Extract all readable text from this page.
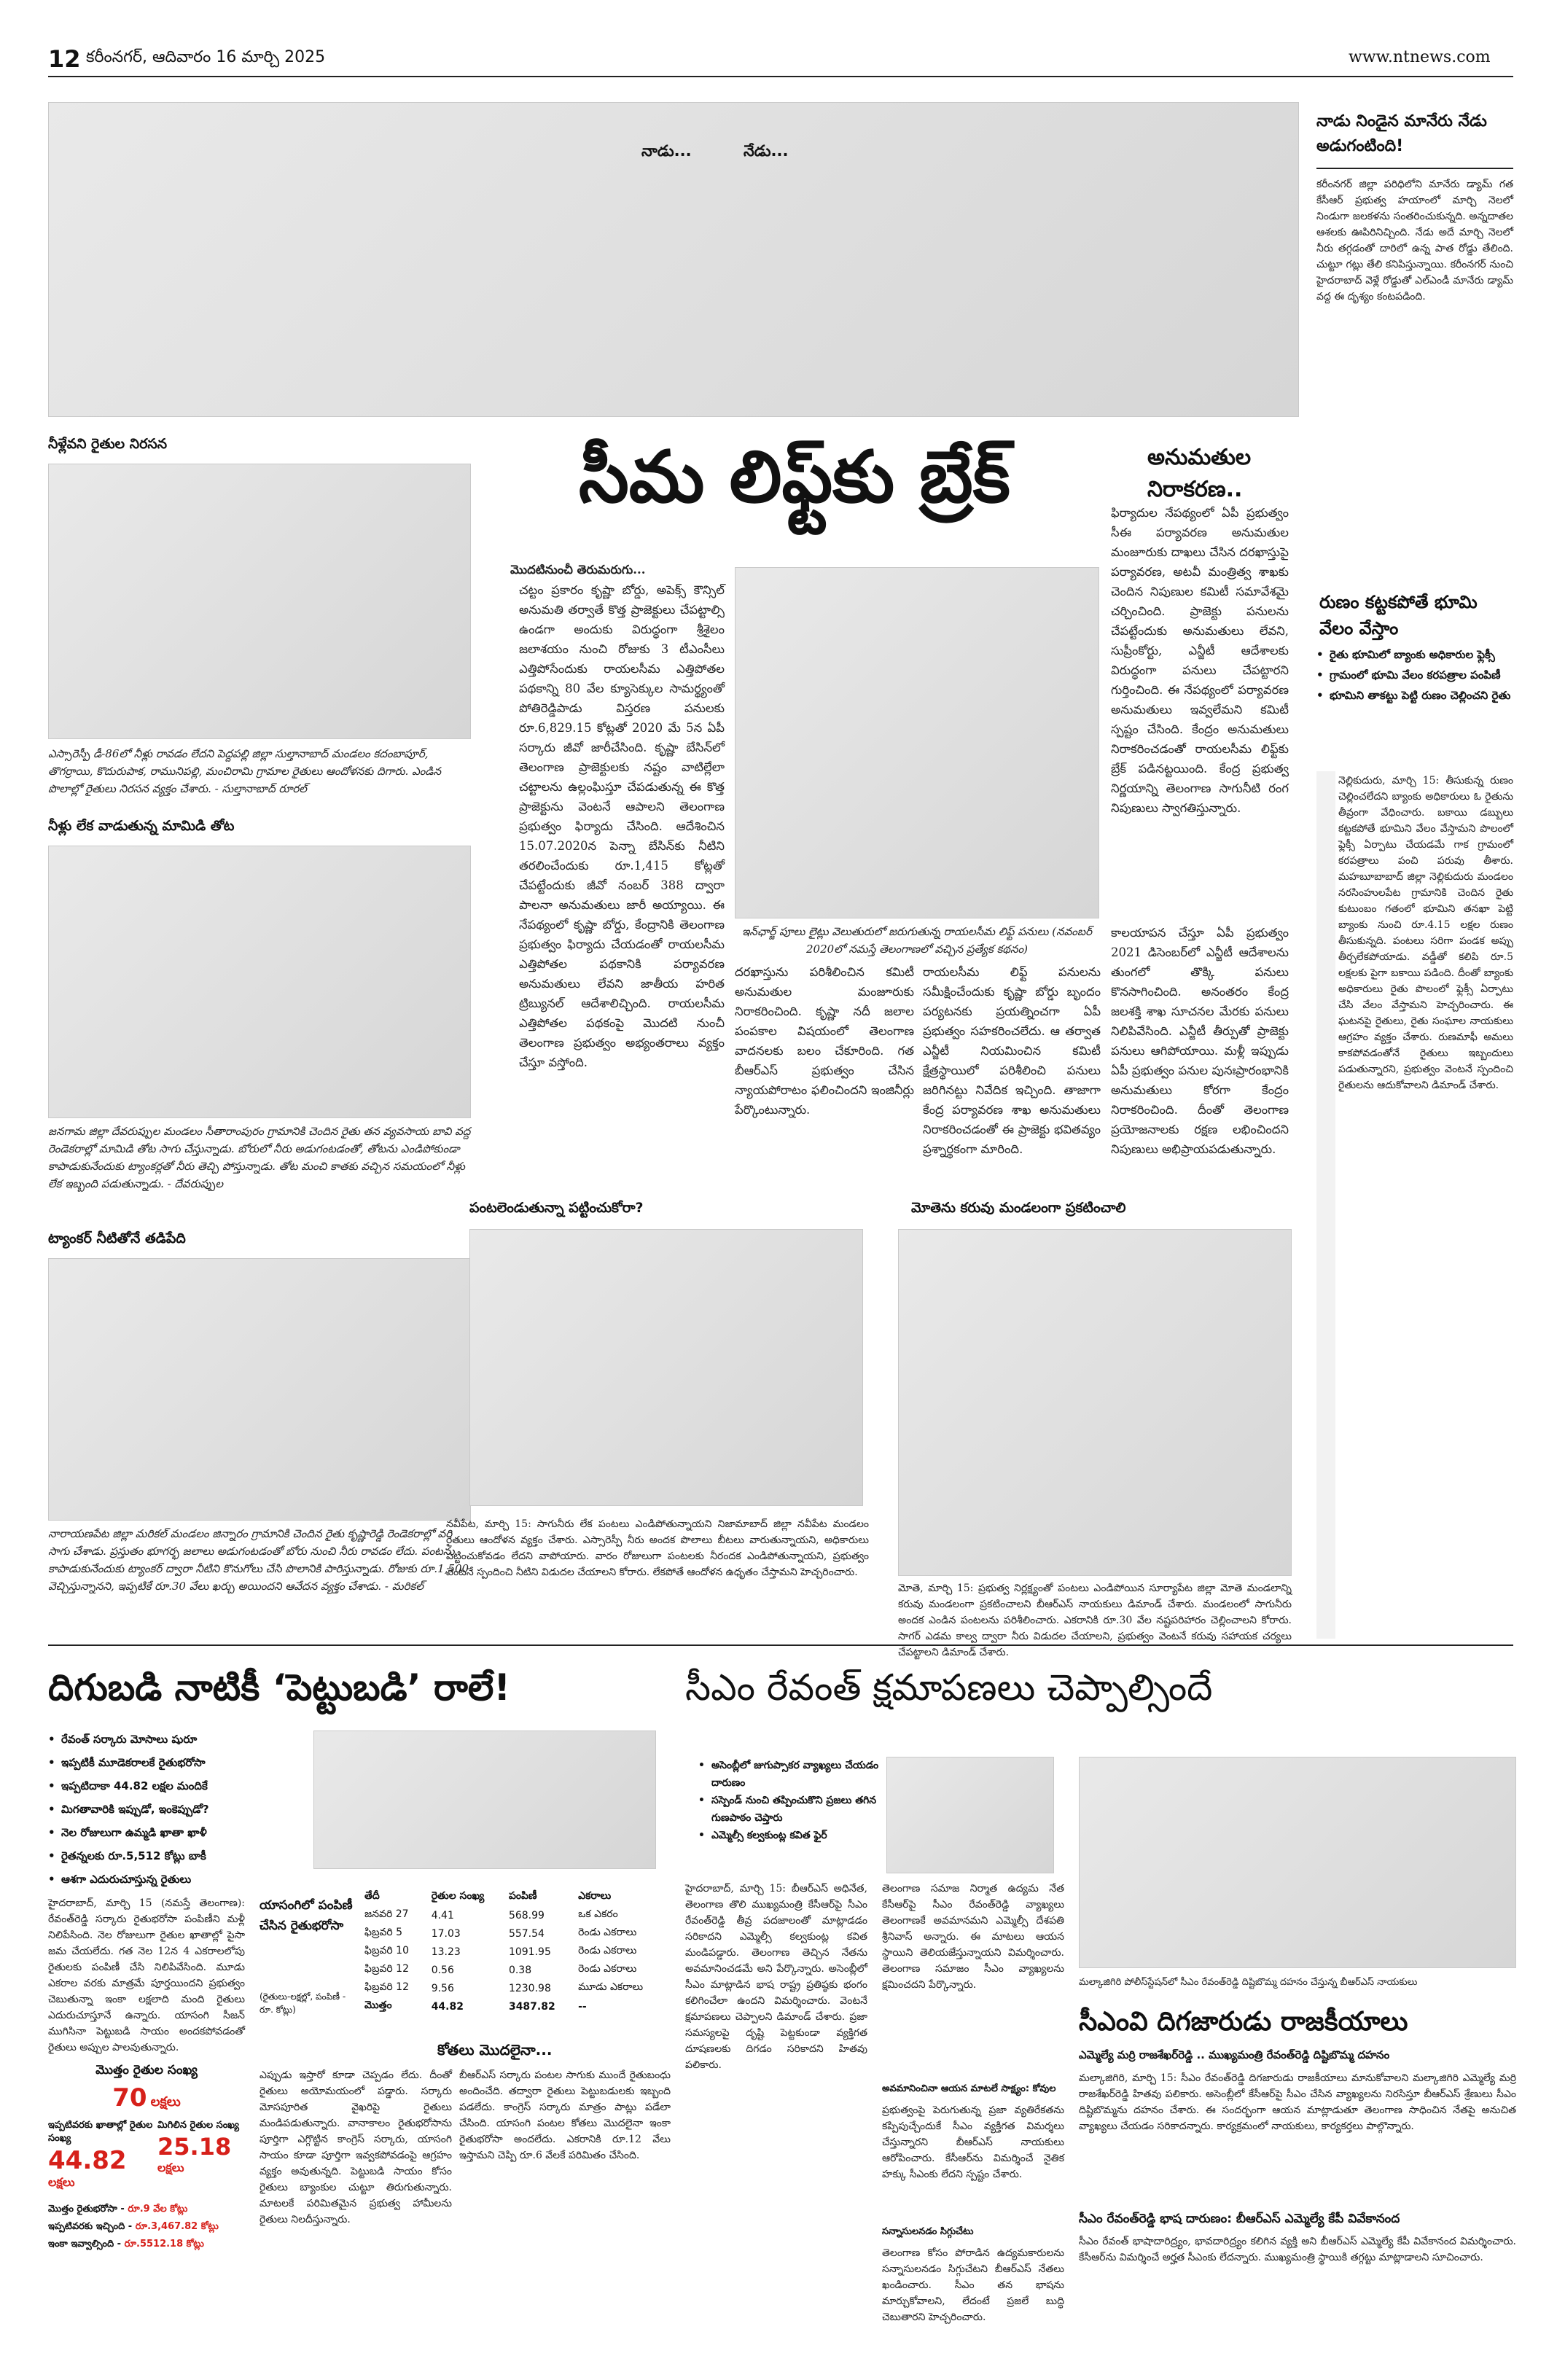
12 కరీంనగర్, ఆదివారం 16 మార్చి 2025	www.ntnews.com
నాడు...	నేడు...
నాడు నిండైన మానేరు నేడు అడుగంటింది!
కరీంనగర్ జిల్లా పరిధిలోని మానేరు డ్యామ్ గత కేసీఆర్ ప్రభుత్వ హయాంలో మార్చి నెలలో నిండుగా జలకళను సంతరించుకున్నది. అన్నదాతల ఆశలకు ఊపిరినిచ్చింది. నేడు అదే మార్చి నెలలో నీరు తగ్గడంతో దారిలో ఉన్న పాత రోడ్డు తేలింది. చుట్టూ గట్లు తేలి కనిపిస్తున్నాయి. కరీంనగర్ నుంచి హైదరాబాద్ వెళ్లే రోడ్డుతో ఎల్ఎండీ మానేరు డ్యామ్ వద్ద ఈ దృశ్యం కంటపడింది.
నీళ్లేవని రైతుల నిరసన
ఎస్సారెస్పీ డీ-86లో నీళ్లు రావడం లేదని పెద్దపల్లి జిల్లా సుల్తానాబాద్ మండలం కదంబాపూర్, తొగర్రాయి, కొదురుపాక, రామునిపల్లి, మంచిరామి గ్రామాల రైతులు ఆందోళనకు దిగారు. ఎండిన పొలాల్లో రైతులు నిరసన వ్యక్తం చేశారు. - సుల్తానాబాద్ రూరల్
నీళ్లు లేక వాడుతున్న మామిడి తోట
జనగామ జిల్లా దేవరుప్పుల మండలం సీతారాంపురం గ్రామానికి చెందిన రైతు తన వ్యవసాయ బావి వద్ద రెండెకరాల్లో మామిడి తోట సాగు చేస్తున్నాడు. బోరులో నీరు అడుగంటడంతో, తోటను ఎండిపోకుండా కాపాడుకునేందుకు ట్యాంకర్లతో నీరు తెచ్చి పోస్తున్నాడు. తోట మంచి కాతకు వచ్చిన సమయంలో నీళ్లు లేక ఇబ్బంది పడుతున్నాడు. - దేవరుప్పుల
ట్యాంకర్ నీటితోనే తడిపేది
నారాయణపేట జిల్లా మరికల్ మండలం జిన్నారం గ్రామానికి చెందిన రైతు కృష్ణారెడ్డి రెండెకరాల్లో వరి సాగు చేశాడు. ప్రస్తుతం భూగర్భ జలాలు అడుగంటడంతో బోరు నుంచి నీరు రావడం లేదు. పంటను కాపాడుకునేందుకు ట్యాంకర్ ద్వారా నీటిని కొనుగోలు చేసి పొలానికి పారిస్తున్నాడు. రోజుకు రూ.1,500 వెచ్చిస్తున్నానని, ఇప్పటికే రూ.30 వేలు ఖర్చు అయిందని ఆవేదన వ్యక్తం చేశాడు. - మరికల్
సీమ లిఫ్ట్‌కు బ్రేక్	అనుమతుల నిరాకరణ..
మొదటినుంచీ తెరుమరుగు...
చట్టం ప్రకారం కృష్ణా బోర్డు, అపెక్స్ కౌన్సిల్ అనుమతి తర్వాతే కొత్త ప్రాజెక్టులు చేపట్టాల్సి ఉండగా అందుకు విరుద్ధంగా శ్రీశైలం జలాశయం నుంచి రోజుకు 3 టీఎంసీలు ఎత్తిపోసేందుకు రాయలసీమ ఎత్తిపోతల పథకాన్ని 80 వేల క్యూసెక్కుల సామర్థ్యంతో పోతిరెడ్డిపాడు విస్తరణ పనులకు రూ.6,829.15 కోట్లతో 2020 మే 5న ఏపీ సర్కారు జీవో జారీచేసింది. కృష్ణా బేసిన్‌లో తెలంగాణ ప్రాజెక్టులకు నష్టం వాటిల్లేలా చట్టాలను ఉల్లంఘిస్తూ చేపడుతున్న ఈ కొత్త ప్రాజెక్టును వెంటనే ఆపాలని తెలంగాణ ప్రభుత్వం ఫిర్యాదు చేసింది. ఆదేశించిన 15.07.2020న పెన్నా బేసిన్‌కు నీటిని తరలించేందుకు రూ.1,415 కోట్లతో చేపట్టేందుకు జీవో నంబర్ 388 ద్వారా పాలనా అనుమతులు జారీ అయ్యాయి. ఈ నేపథ్యంలో కృష్ణా బోర్డు, కేంద్రానికి తెలంగాణ ప్రభుత్వం ఫిర్యాదు చేయడంతో రాయలసీమ ఎత్తిపోతల పథకానికి పర్యావరణ అనుమతులు లేవని జాతీయ హరిత ట్రిబ్యునల్ ఆదేశాలిచ్చింది. రాయలసీమ ఎత్తిపోతల పథకంపై మొదటి నుంచీ తెలంగాణ ప్రభుత్వం అభ్యంతరాలు వ్యక్తం చేస్తూ వస్తోంది.
ఇన్‌ఛార్జ్ పూలు లైట్లు వెలుతురులో జరుగుతున్న రాయలసీమ లిఫ్ట్ పనులు (నవంబర్ 2020లో నమస్తే తెలంగాణలో వచ్చిన ప్రత్యేక కథనం)
ఫిర్యాదుల నేపథ్యంలో ఏపీ ప్రభుత్వం సీఈ పర్యావరణ అనుమతుల మంజూరుకు దాఖలు చేసిన దరఖాస్తుపై పర్యావరణ, అటవీ మంత్రిత్వ శాఖకు చెందిన నిపుణుల కమిటీ సమావేశమై చర్చించింది. ప్రాజెక్టు పనులను చేపట్టేందుకు అనుమతులు లేవని, సుప్రీంకోర్టు, ఎన్జీటీ ఆదేశాలకు విరుద్ధంగా పనులు చేపట్టారని గుర్తించింది. ఈ నేపథ్యంలో పర్యావరణ అనుమతులు ఇవ్వలేమని కమిటీ స్పష్టం చేసింది. కేంద్రం అనుమతులు నిరాకరించడంతో రాయలసీమ లిఫ్ట్‌కు బ్రేక్ పడినట్టయింది. కేంద్ర ప్రభుత్వ నిర్ణయాన్ని తెలంగాణ సాగునీటి రంగ నిపుణులు స్వాగతిస్తున్నారు.
కాలయాపన చేస్తూ ఏపీ ప్రభుత్వం 2021 డిసెంబర్‌లో ఎన్జీటీ ఆదేశాలను తుంగలో తొక్కి పనులు కొనసాగించింది. అనంతరం కేంద్ర జలశక్తి శాఖ సూచనల మేరకు పనులు నిలిపివేసింది. ఎన్జీటీ తీర్పుతో ప్రాజెక్టు పనులు ఆగిపోయాయి. మళ్లీ ఇప్పుడు ఏపీ ప్రభుత్వం పనుల పునఃప్రారంభానికి అనుమతులు కోరగా కేంద్రం నిరాకరించింది. దీంతో తెలంగాణ ప్రయోజనాలకు రక్షణ లభించిందని నిపుణులు అభిప్రాయపడుతున్నారు.
దరఖాస్తును పరిశీలించిన కమిటీ అనుమతుల మంజూరుకు నిరాకరించింది. కృష్ణా నదీ జలాల పంపకాల విషయంలో తెలంగాణ వాదనలకు బలం చేకూరింది. గత బీఆర్ఎస్ ప్రభుత్వం చేసిన న్యాయపోరాటం ఫలించిందని ఇంజినీర్లు పేర్కొంటున్నారు.
రాయలసీమ లిఫ్ట్ పనులను సమీక్షించేందుకు కృష్ణా బోర్డు బృందం పర్యటనకు ప్రయత్నించగా ఏపీ ప్రభుత్వం సహకరించలేదు. ఆ తర్వాత ఎన్జీటీ నియమించిన కమిటీ క్షేత్రస్థాయిలో పరిశీలించి పనులు జరిగినట్టు నివేదిక ఇచ్చింది. తాజాగా కేంద్ర పర్యావరణ శాఖ అనుమతులు నిరాకరించడంతో ఈ ప్రాజెక్టు భవితవ్యం ప్రశ్నార్థకంగా మారింది.
పంటలెండుతున్నా పట్టించుకోరా?
నవీపేట, మార్చి 15: సాగునీరు లేక పంటలు ఎండిపోతున్నాయని నిజామాబాద్ జిల్లా నవీపేట మండలం రైతులు ఆందోళన వ్యక్తం చేశారు. ఎస్సారెస్పీ నీరు అందక పొలాలు బీటలు వారుతున్నాయని, అధికారులు పట్టించుకోవడం లేదని వాపోయారు. వారం రోజులుగా పంటలకు నీరందక ఎండిపోతున్నాయని, ప్రభుత్వం వెంటనే స్పందించి నీటిని విడుదల చేయాలని కోరారు. లేకపోతే ఆందోళన ఉధృతం చేస్తామని హెచ్చరించారు.
మోతెను కరువు మండలంగా ప్రకటించాలి
మోతె, మార్చి 15: ప్రభుత్వ నిర్లక్ష్యంతో పంటలు ఎండిపోయిన సూర్యాపేట జిల్లా మోతె మండలాన్ని కరువు మండలంగా ప్రకటించాలని బీఆర్ఎస్ నాయకులు డిమాండ్ చేశారు. మండలంలో సాగునీరు అందక ఎండిన పంటలను పరిశీలించారు. ఎకరానికి రూ.30 వేల నష్టపరిహారం చెల్లించాలని కోరారు. సాగర్ ఎడమ కాల్వ ద్వారా నీరు విడుదల చేయాలని, ప్రభుత్వం వెంటనే కరువు సహాయక చర్యలు చేపట్టాలని డిమాండ్ చేశారు.
రుణం కట్టకపోతే భూమి వేలం వేస్తాం
• రైతు భూమిలో బ్యాంకు అధికారుల ఫ్లెక్సీ
• గ్రామంలో భూమి వేలం కరపత్రాల పంపిణీ
• భూమిని తాకట్టు పెట్టి రుణం చెల్లించని రైతు
నెల్లికుదురు, మార్చి 15: తీసుకున్న రుణం చెల్లించలేదని బ్యాంకు అధికారులు ఓ రైతును తీవ్రంగా వేధించారు. బకాయి డబ్బులు కట్టకపోతే భూమిని వేలం వేస్తామని పొలంలో ఫ్లెక్సీ ఏర్పాటు చేయడమే గాక గ్రామంలో కరపత్రాలు పంచి పరువు తీశారు. మహబూబాబాద్ జిల్లా నెల్లికుదురు మండలం నరసింహులపేట గ్రామానికి చెందిన రైతు కుటుంబం గతంలో భూమిని తనఖా పెట్టి బ్యాంకు నుంచి రూ.4.15 లక్షల రుణం తీసుకున్నది. పంటలు సరిగా పండక అప్పు తీర్చలేకపోయాడు. వడ్డీతో కలిపి రూ.5 లక్షలకు పైగా బకాయి పడింది. దీంతో బ్యాంకు అధికారులు రైతు పొలంలో ఫ్లెక్సీ ఏర్పాటు చేసి వేలం వేస్తామని హెచ్చరించారు. ఈ ఘటనపై రైతులు, రైతు సంఘాల నాయకులు ఆగ్రహం వ్యక్తం చేశారు. రుణమాఫీ అమలు కాకపోవడంతోనే రైతులు ఇబ్బందులు పడుతున్నారని, ప్రభుత్వం వెంటనే స్పందించి రైతులను ఆదుకోవాలని డిమాండ్ చేశారు.
దిగుబడి నాటికీ ‘పెట్టుబడి’ రాలే!
• రేవంత్ సర్కారు మోసాలు షురూ
• ఇప్పటికీ మూడెకరాలకే రైతుభరోసా
• ఇప్పటిదాకా 44.82 లక్షల మందికే
• మిగతావారికి ఇప్పుడో, ఇంకెప్పుడో?
• నెల రోజులుగా ఉమ్మడి ఖాతా ఖాళీ
• రైతన్నలకు రూ.5,512 కోట్లు బాకీ
• ఆశగా ఎదురుచూస్తున్న రైతులు
హైదరాబాద్, మార్చి 15 (నమస్తే తెలంగాణ): రేవంత్‌రెడ్డి సర్కారు రైతుభరోసా పంపిణీని మళ్లీ నిలిపేసింది. నెల రోజులుగా రైతుల ఖాతాల్లో పైసా జమ చేయలేదు. గత నెల 12న 4 ఎకరాలలోపు రైతులకు పంపిణీ చేసి నిలిపివేసింది. మూడు ఎకరాల వరకు మాత్రమే పూర్తయిందని ప్రభుత్వం చెబుతున్నా ఇంకా లక్షలాది మంది రైతులు ఎదురుచూస్తూనే ఉన్నారు. యాసంగి సీజన్ ముగిసినా పెట్టుబడి సాయం అందకపోవడంతో రైతులు అప్పుల పాలవుతున్నారు.
మొత్తం రైతుల సంఖ్య
70 లక్షలు
ఇప్పటివరకు ఖాతాల్లో రైతుల సంఖ్య
44.82
లక్షలు
మిగిలిన రైతుల సంఖ్య
25.18
లక్షలు
మొత్తం రైతుభరోసా - రూ.9 వేల కోట్లు
ఇప్పటివరకు ఇచ్చింది - రూ.3,467.82 కోట్లు
ఇంకా ఇవ్వాల్సింది - రూ.5512.18 కోట్లు
యాసంగిలో పంపిణీ చేసిన రైతుభరోసా
(రైతులు-లక్షల్లో, పంపిణీ - రూ. కోట్లు)
తేదీ	రైతుల సంఖ్య	పంపిణీ	ఎకరాలు
జనవరి 27	4.41	568.99	ఒక ఎకరం
ఫిబ్రవరి 5	17.03	557.54	రెండు ఎకరాలు
ఫిబ్రవరి 10	13.23	1091.95	రెండు ఎకరాలు
ఫిబ్రవరి 12	0.56	0.38	రెండు ఎకరాలు
ఫిబ్రవరి 12	9.56	1230.98	మూడు ఎకరాలు
మొత్తం	44.82	3487.82	--
కోతలు మొదలైనా...
బీఆర్ఎస్ సర్కారు పంటల సాగుకు ముందే రైతుబంధు అందించేది. తద్వారా రైతులు పెట్టుబడులకు ఇబ్బంది పడలేదు. కాంగ్రెస్ సర్కారు మాత్రం పాట్లు పడేలా చేసింది. యాసంగి పంటల కోతలు మొదలైనా ఇంకా రైతుభరోసా అందలేదు. ఎకరానికి రూ.12 వేలు ఇస్తామని చెప్పి రూ.6 వేలకే పరిమితం చేసింది.
ఎప్పుడు ఇస్తారో కూడా చెప్పడం లేదు. దీంతో రైతులు అయోమయంలో పడ్డారు. సర్కారు మోసపూరిత వైఖరిపై రైతులు మండిపడుతున్నారు. వానాకాలం రైతుభరోసాను పూర్తిగా ఎగ్గొట్టిన కాంగ్రెస్ సర్కారు, యాసంగి సాయం కూడా పూర్తిగా ఇవ్వకపోవడంపై ఆగ్రహం వ్యక్తం అవుతున్నది. పెట్టుబడి సాయం కోసం రైతులు బ్యాంకుల చుట్టూ తిరుగుతున్నారు. మాటలకే పరిమితమైన ప్రభుత్వ హామీలను రైతులు నిలదీస్తున్నారు.
సీఎం రేవంత్ క్షమాపణలు చెప్పాల్సిందే
• అసెంబ్లీలో జుగుప్సాకర వ్యాఖ్యలు చేయడం దారుణం
• సస్పెండ్ నుంచి తప్పించుకొని ప్రజలు తగిన గుణపాఠం చెప్తారు
• ఎమ్మెల్సీ కల్వకుంట్ల కవిత ఫైర్
హైదరాబాద్, మార్చి 15: బీఆర్ఎస్ అధినేత, తెలంగాణ తొలి ముఖ్యమంత్రి కేసీఆర్‌పై సీఎం రేవంత్‌రెడ్డి తీవ్ర పదజాలంతో మాట్లాడడం సరికాదని ఎమ్మెల్సీ కల్వకుంట్ల కవిత మండిపడ్డారు. తెలంగాణ తెచ్చిన నేతను అవమానించడమే అని పేర్కొన్నారు. అసెంబ్లీలో సీఎం మాట్లాడిన భాష రాష్ట్ర ప్రతిష్ఠకు భంగం కలిగించేలా ఉందని విమర్శించారు. వెంటనే క్షమాపణలు చెప్పాలని డిమాండ్ చేశారు. ప్రజా సమస్యలపై దృష్టి పెట్టకుండా వ్యక్తిగత దూషణలకు దిగడం సరికాదని హితవు పలికారు.
తెలంగాణ సమాజ నిర్మాత ఉద్యమ నేత కేసీఆర్‌పై సీఎం రేవంత్‌రెడ్డి వ్యాఖ్యలు తెలంగాణకే అవమానమని ఎమ్మెల్సీ దేశపతి శ్రీనివాస్ అన్నారు. ఈ మాటలు ఆయన స్థాయిని తెలియజేస్తున్నాయని విమర్శించారు. తెలంగాణ సమాజం సీఎం వ్యాఖ్యలను క్షమించదని పేర్కొన్నారు.
అవమానించినా ఆయన మాటలే సాక్ష్యం: కోవుల
ప్రభుత్వంపై పెరుగుతున్న ప్రజా వ్యతిరేకతను కప్పిపుచ్చేందుకే సీఎం వ్యక్తిగత విమర్శలు చేస్తున్నారని బీఆర్ఎస్ నాయకులు ఆరోపించారు. కేసీఆర్‌ను విమర్శించే నైతిక హక్కు సీఎంకు లేదని స్పష్టం చేశారు.
సన్నాసులనడం సిగ్గుచేటు
తెలంగాణ కోసం పోరాడిన ఉద్యమకారులను సన్నాసులనడం సిగ్గుచేటని బీఆర్ఎస్ నేతలు ఖండించారు. సీఎం తన భాషను మార్చుకోవాలని, లేదంటే ప్రజలే బుద్ధి చెబుతారని హెచ్చరించారు.
మల్కాజిగిరి పోలీస్‌స్టేషన్‌లో సీఎం రేవంత్‌రెడ్డి దిష్టిబొమ్మ దహనం చేస్తున్న బీఆర్ఎస్ నాయకులు
సీఎంవి దిగజారుడు రాజకీయాలు
ఎమ్మెల్యే మర్రి రాజశేఖర్‌రెడ్డి .. ముఖ్యమంత్రి రేవంత్‌రెడ్డి దిష్టిబొమ్మ దహనం
మల్కాజిగిరి, మార్చి 15: సీఎం రేవంత్‌రెడ్డి దిగజారుడు రాజకీయాలు మానుకోవాలని మల్కాజిగిరి ఎమ్మెల్యే మర్రి రాజశేఖర్‌రెడ్డి హితవు పలికారు. అసెంబ్లీలో కేసీఆర్‌పై సీఎం చేసిన వ్యాఖ్యలను నిరసిస్తూ బీఆర్ఎస్ శ్రేణులు సీఎం దిష్టిబొమ్మను దహనం చేశారు. ఈ సందర్భంగా ఆయన మాట్లాడుతూ తెలంగాణ సాధించిన నేతపై అనుచిత వ్యాఖ్యలు చేయడం సరికాదన్నారు. కార్యక్రమంలో నాయకులు, కార్యకర్తలు పాల్గొన్నారు.
సీఎం రేవంత్‌రెడ్డి భాష దారుణం: బీఆర్ఎస్ ఎమ్మెల్యే కేపీ వివేకానంద
సీఎం రేవంత్ భాషాదారిద్ర్యం, భావదారిద్ర్యం కలిగిన వ్యక్తి అని బీఆర్ఎస్ ఎమ్మెల్యే కేపీ వివేకానంద విమర్శించారు. కేసీఆర్‌ను విమర్శించే అర్హత సీఎంకు లేదన్నారు. ముఖ్యమంత్రి స్థాయికి తగ్గట్టు మాట్లాడాలని సూచించారు.
